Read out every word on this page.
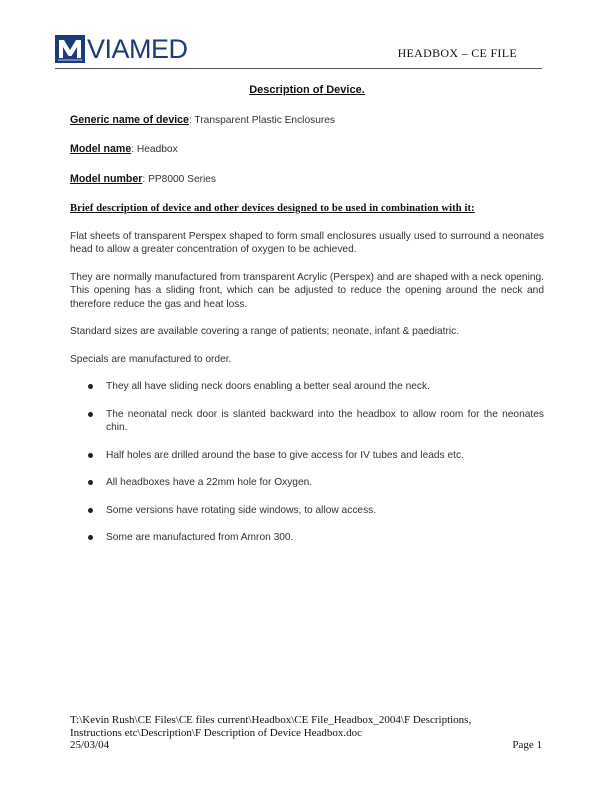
VIAMED	HEADBOX – CE FILE
Description of Device.

Generic name of device: Transparent Plastic Enclosures

Model name: Headbox

Model number: PP8000 Series

Brief description of device and other devices designed to be used in combination with it:

Flat sheets of transparent Perspex shaped to form small enclosures usually used to surround a neonates head to allow a greater concentration of oxygen to be achieved.

They are normally manufactured from transparent Acrylic (Perspex) and are shaped with a neck opening. This opening has a sliding front, which can be adjusted to reduce the opening around the neck and therefore reduce the gas and heat loss.

Standard sizes are available covering a range of patients; neonate, infant & paediatric.

Specials are manufactured to order.

They all have sliding neck doors enabling a better seal around the neck.
The neonatal neck door is slanted backward into the headbox to allow room for the neonates chin.
Half holes are drilled around the base to give access for IV tubes and leads etc.
All headboxes have a 22mm hole for Oxygen.
Some versions have rotating side windows, to allow access.
Some are manufactured from Amron 300.
T:\Kevin Rush\CE Files\CE files current\Headbox\CE File_Headbox_2004\F Descriptions,
Instructions etc\Description\F Description of Device Headbox.doc
25/03/04	Page 1
